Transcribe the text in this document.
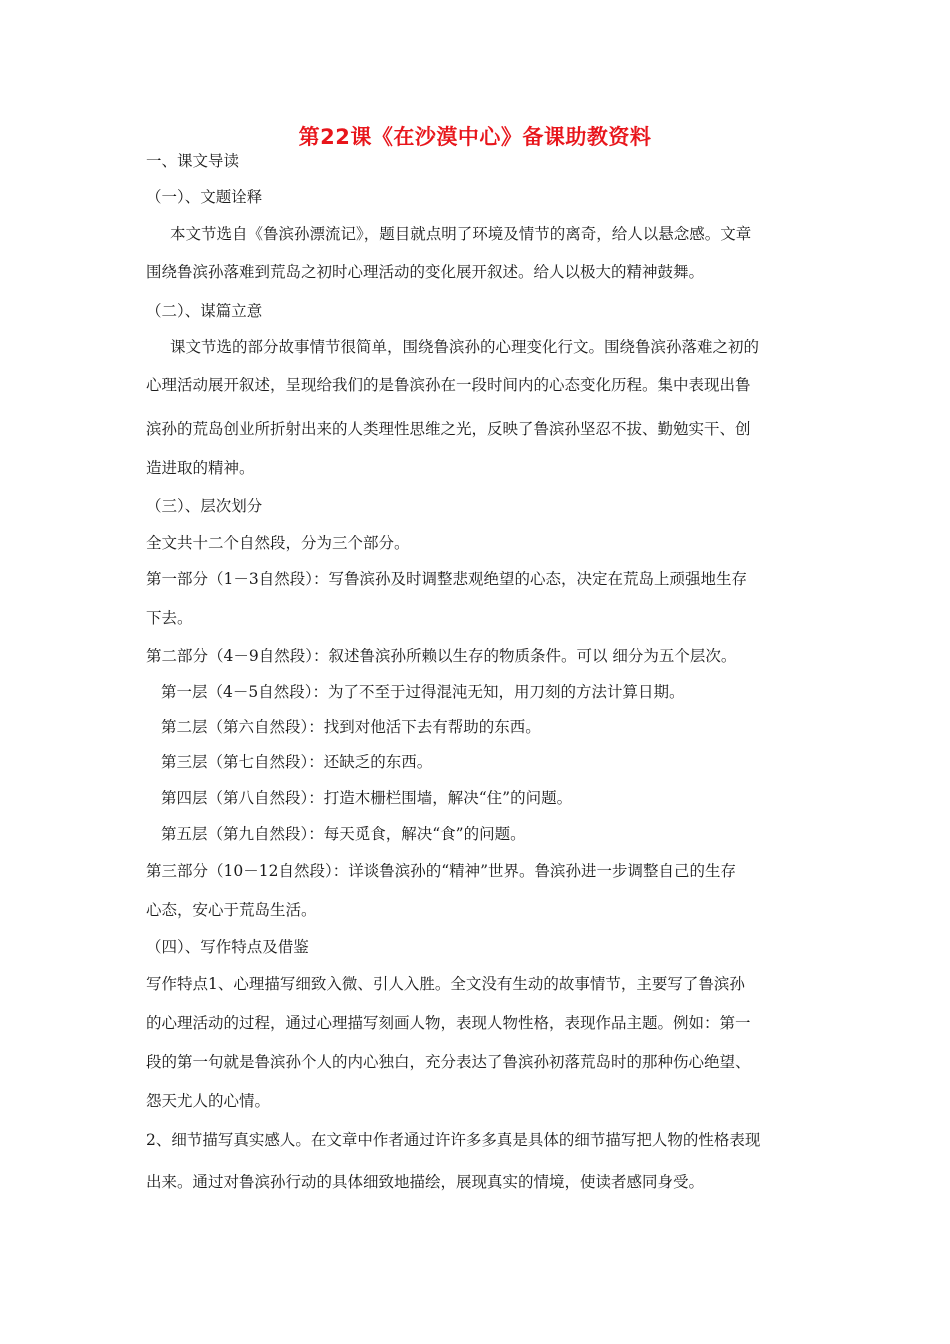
第22课《在沙漠中心》备课助教资料
一、课文导读
（一）、文题诠释
本文节选自《鲁滨孙漂流记》，题目就点明了环境及情节的离奇，给人以悬念感。文章
围绕鲁滨孙落难到荒岛之初时心理活动的变化展开叙述。给人以极大的精神鼓舞。
（二）、谋篇立意
课文节选的部分故事情节很简单，围绕鲁滨孙的心理变化行文。围绕鲁滨孙落难之初的
心理活动展开叙述，呈现给我们的是鲁滨孙在一段时间内的心态变化历程。集中表现出鲁
滨孙的荒岛创业所折射出来的人类理性思维之光，反映了鲁滨孙坚忍不拔、勤勉实干、创
造进取的精神。
（三）、层次划分
全文共十二个自然段，分为三个部分。
第一部分（1－3自然段）：写鲁滨孙及时调整悲观绝望的心态，决定在荒岛上顽强地生存
下去。
第二部分（4－9自然段）：叙述鲁滨孙所赖以生存的物质条件。可以 细分为五个层次。
第一层（4－5自然段）：为了不至于过得混沌无知，用刀刻的方法计算日期。
第二层（第六自然段）：找到对他活下去有帮助的东西。
第三层（第七自然段）：还缺乏的东西。
第四层（第八自然段）：打造木栅栏围墙，解决“住”的问题。
第五层（第九自然段）：每天觅食，解决“食”的问题。
第三部分（10－12自然段）：详谈鲁滨孙的“精神”世界。鲁滨孙进一步调整自己的生存
心态，安心于荒岛生活。
（四）、写作特点及借鉴
写作特点1、心理描写细致入微、引人入胜。全文没有生动的故事情节，主要写了鲁滨孙
的心理活动的过程，通过心理描写刻画人物，表现人物性格，表现作品主题。例如：第一
段的第一句就是鲁滨孙个人的内心独白，充分表达了鲁滨孙初落荒岛时的那种伤心绝望、
怨天尤人的心情。
2、细节描写真实感人。在文章中作者通过许许多多真是具体的细节描写把人物的性格表现
出来。通过对鲁滨孙行动的具体细致地描绘，展现真实的情境，使读者感同身受。
